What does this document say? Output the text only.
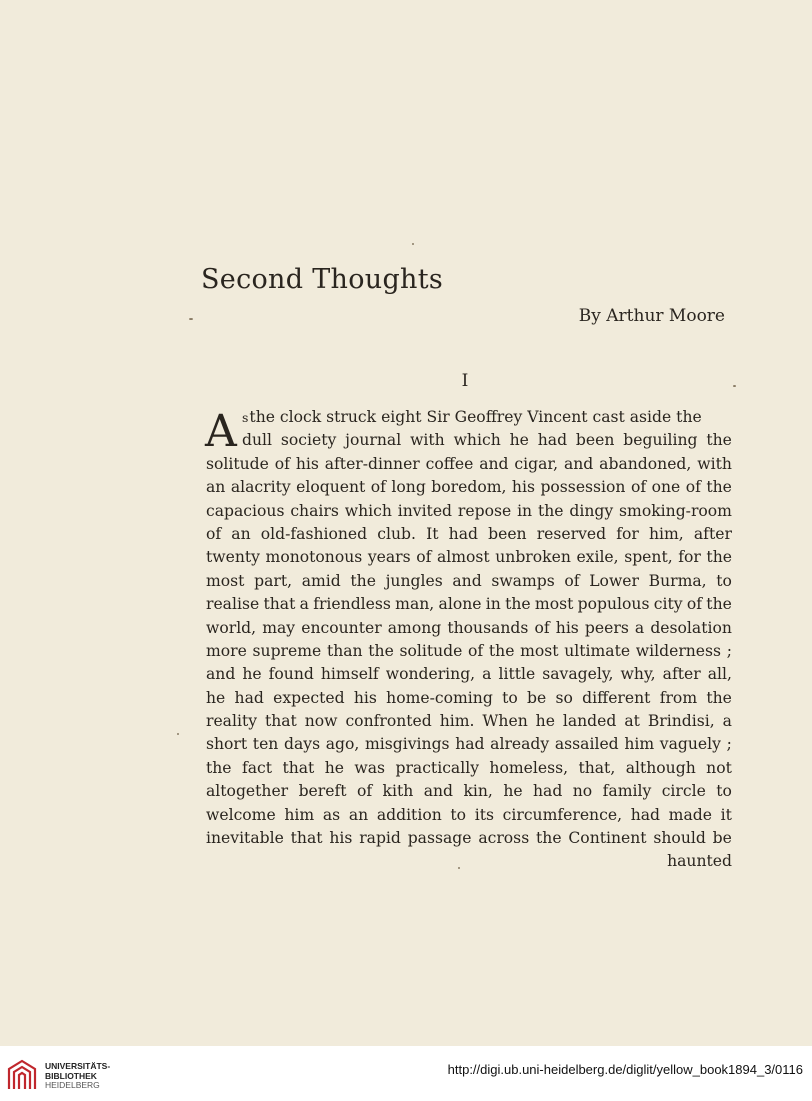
Second Thoughts
By Arthur Moore
I
A sthe clock struck eight Sir Geoffrey Vincent cast aside the
dull society journal with which he had been beguiling the
solitude of his after-dinner coffee and cigar, and abandoned, with
an alacrity eloquent of long boredom, his possession of one of the
capacious chairs which invited repose in the dingy smoking-room
of an old-fashioned club. It had been reserved for him, after
twenty monotonous years of almost unbroken exile, spent, for the
most part, amid the jungles and swamps of Lower Burma, to
realise that a friendless man, alone in the most populous city of the
world, may encounter among thousands of his peers a desolation
more supreme than the solitude of the most ultimate wilderness ;
and he found himself wondering, a little savagely, why, after all,
he had expected his home-coming to be so different from the
reality that now confronted him. When he landed at Brindisi, a
short ten days ago, misgivings had already assailed him vaguely ;
the fact that he was practically homeless, that, although not
altogether bereft of kith and kin, he had no family circle to
welcome him as an addition to its circumference, had made it
inevitable that his rapid passage across the Continent should be
haunted
UNIVERSITÄTS-
BIBLIOTHEK
HEIDELBERG
http://digi.ub.uni-heidelberg.de/diglit/yellow_book1894_3/0116
